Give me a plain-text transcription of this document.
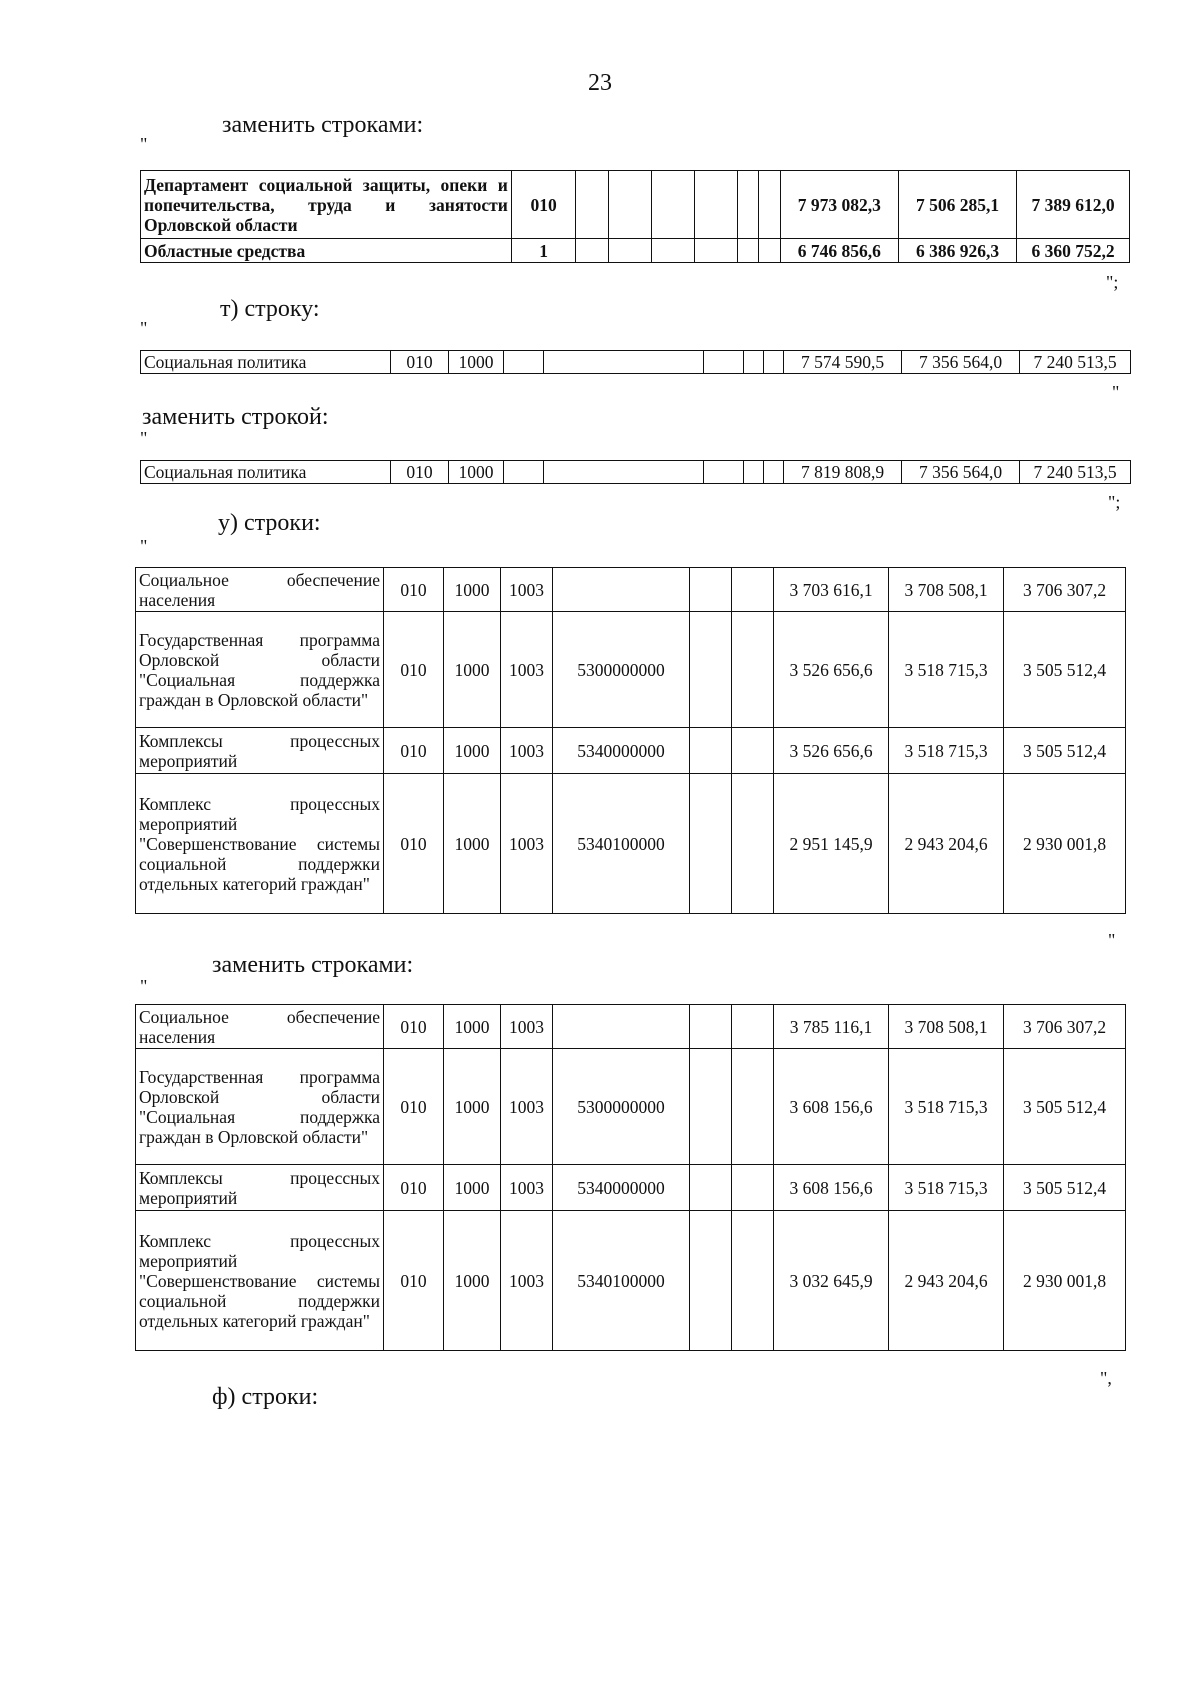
23
заменить строками:
"
Департамент социальной защиты, опеки и попечительства, труда и занятости Орловской области	010							7 973 082,3	7 506 285,1	7 389 612,0
Областные средства	1							6 746 856,6	6 386 926,3	6 360 752,2
";
т) строку:
"
Социальная политика	010	1000						7 574 590,5	7 356 564,0	7 240 513,5
"
заменить строкой:
"
Социальная политика	010	1000						7 819 808,9	7 356 564,0	7 240 513,5
";
у) строки:
"
Социальное обеспечение населения	010	1000	1003				3 703 616,1	3 708 508,1	3 706 307,2
Государственная программа Орловской области "Социальная поддержка граждан в Орловской области"	010	1000	1003	5300000000			3 526 656,6	3 518 715,3	3 505 512,4
Комплексы процессных мероприятий	010	1000	1003	5340000000			3 526 656,6	3 518 715,3	3 505 512,4
Комплекс процессных мероприятий "Совершенствование системы социальной поддержки отдельных категорий граждан"	010	1000	1003	5340100000			2 951 145,9	2 943 204,6	2 930 001,8
"
заменить строками:
"
Социальное обеспечение населения	010	1000	1003				3 785 116,1	3 708 508,1	3 706 307,2
Государственная программа Орловской области "Социальная поддержка граждан в Орловской области"	010	1000	1003	5300000000			3 608 156,6	3 518 715,3	3 505 512,4
Комплексы процессных мероприятий	010	1000	1003	5340000000			3 608 156,6	3 518 715,3	3 505 512,4
Комплекс процессных мероприятий "Совершенствование системы социальной поддержки отдельных категорий граждан"	010	1000	1003	5340100000			3 032 645,9	2 943 204,6	2 930 001,8
",
ф) строки:
